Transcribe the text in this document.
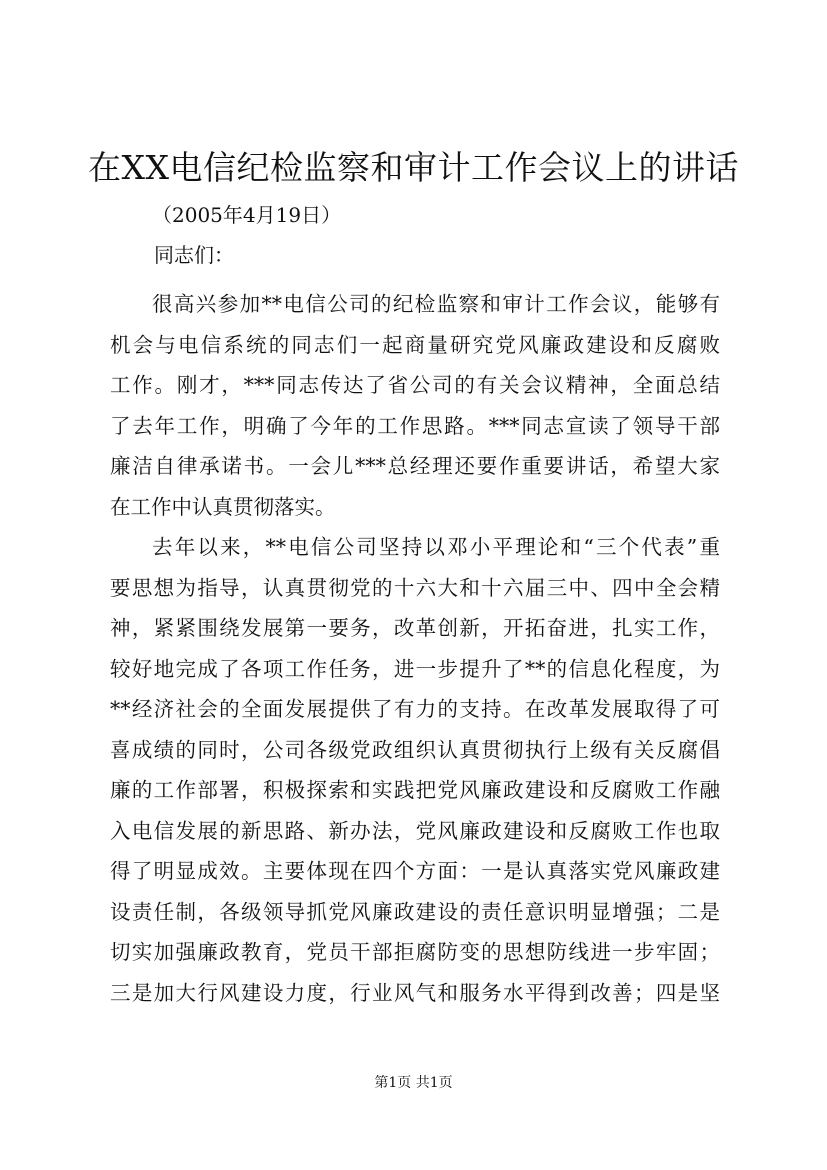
在XX电信纪检监察和审计工作会议上的讲话
（2005年4月19日）
同志们：
很高兴参加**电信公司的纪检监察和审计工作会议，能够有
机会与电信系统的同志们一起商量研究党风廉政建设和反腐败
工作。刚才，***同志传达了省公司的有关会议精神，全面总结
了去年工作，明确了今年的工作思路。***同志宣读了领导干部
廉洁自律承诺书。一会儿***总经理还要作重要讲话，希望大家
在工作中认真贯彻落实。
去年以来，**电信公司坚持以邓小平理论和“三个代表”重
要思想为指导，认真贯彻党的十六大和十六届三中、四中全会精
神，紧紧围绕发展第一要务，改革创新，开拓奋进，扎实工作，
较好地完成了各项工作任务，进一步提升了**的信息化程度，为
**经济社会的全面发展提供了有力的支持。在改革发展取得了可
喜成绩的同时，公司各级党政组织认真贯彻执行上级有关反腐倡
廉的工作部署，积极探索和实践把党风廉政建设和反腐败工作融
入电信发展的新思路、新办法，党风廉政建设和反腐败工作也取
得了明显成效。主要体现在四个方面：一是认真落实党风廉政建
设责任制，各级领导抓党风廉政建设的责任意识明显增强；二是
切实加强廉政教育，党员干部拒腐防变的思想防线进一步牢固；
三是加大行风建设力度，行业风气和服务水平得到改善；四是坚
第1页 共1页
